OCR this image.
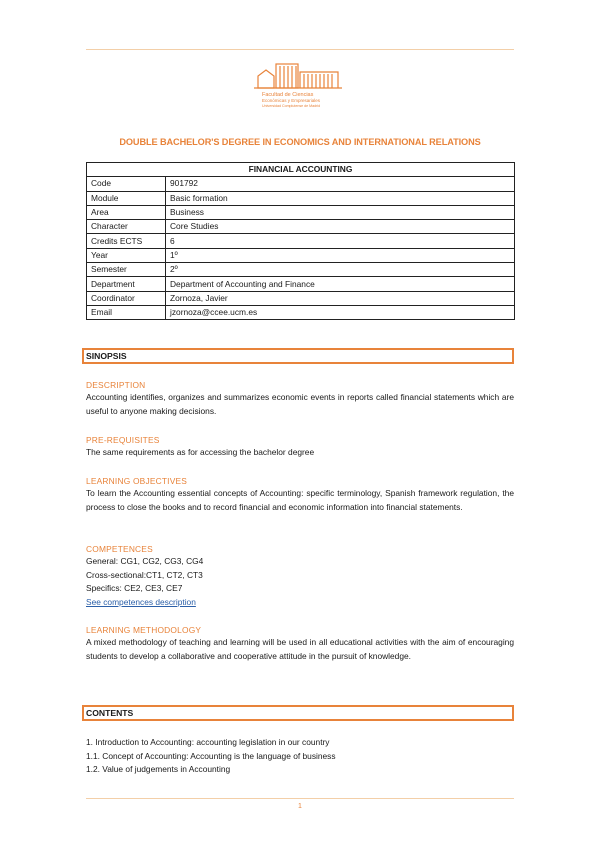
Facultad de Ciencias
Económicas y Empresariales
Universidad Complutense de Madrid
DOUBLE BACHELOR'S DEGREE IN ECONOMICS AND INTERNATIONAL RELATIONS
FINANCIAL ACCOUNTING	
Code	901792
Module	Basic formation
Area	Business
Character	Core Studies
Credits ECTS	6
Year	1º
Semester	2º
Department	Department of Accounting and Finance
Coordinator	Zornoza, Javier
Email	jzornoza@ccee.ucm.es
SINOPSIS
DESCRIPTION
Accounting identifies, organizes and summarizes economic events in reports called financial statements which are useful to anyone making decisions.
PRE-REQUISITES
The same requirements as for accessing the bachelor degree
LEARNING OBJECTIVES
To learn the Accounting essential concepts of Accounting: specific terminology, Spanish framework regulation, the process to close the books and to record financial and economic information into financial statements.
COMPETENCES
General: CG1, CG2, CG3, CG4
Cross-sectional:CT1, CT2, CT3
Specifics: CE2, CE3, CE7
See competences description
LEARNING METHODOLOGY
A mixed methodology of teaching and learning will be used in all educational activities with the aim of encouraging students to develop a collaborative and cooperative attitude in the pursuit of knowledge.
CONTENTS
1. Introduction to Accounting: accounting legislation in our country
1.1. Concept of Accounting: Accounting is the language of business
1.2. Value of judgements in Accounting
1
